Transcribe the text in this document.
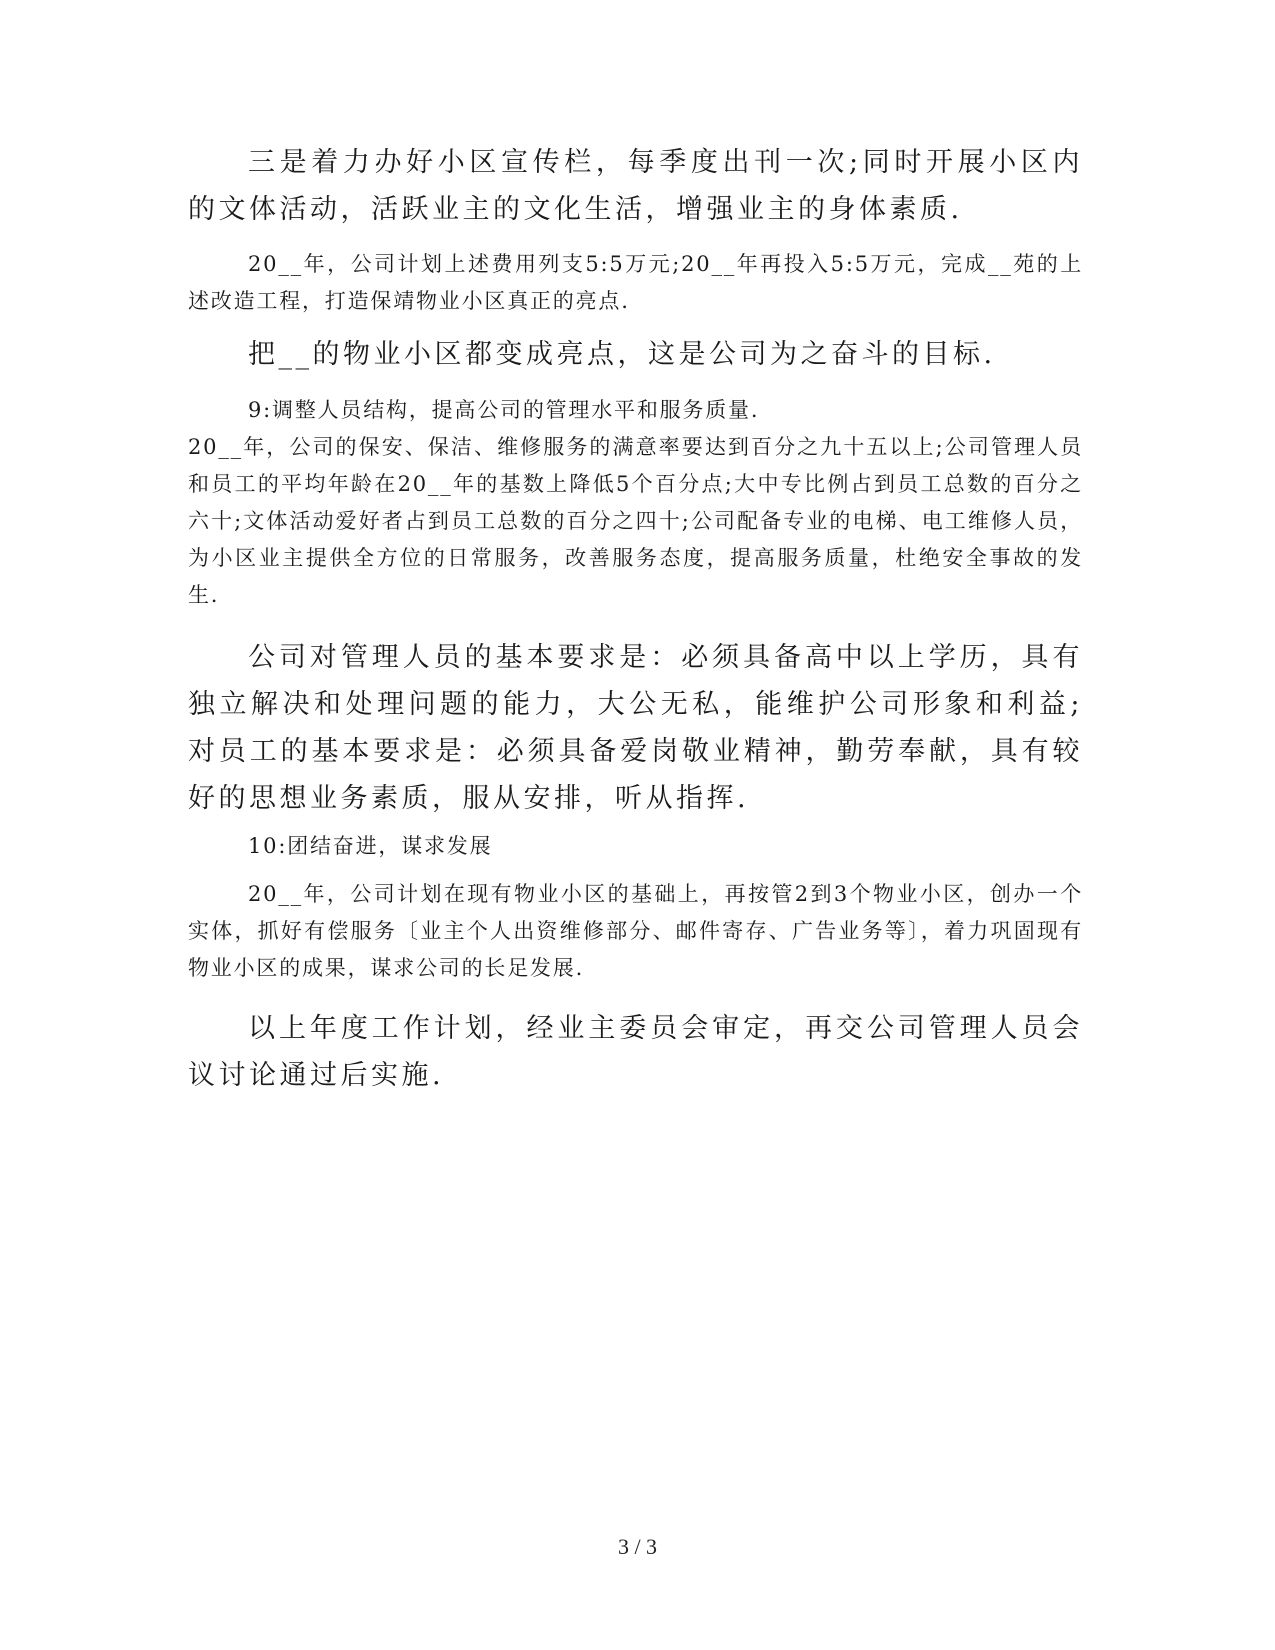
三是着力办好小区宣传栏，每季度出刊一次;同时开展小区内的文体活动，活跃业主的文化生活，增强业主的身体素质.

20__年，公司计划上述费用列支5:5万元;20__年再投入5:5万元，完成__苑的上述改造工程，打造保靖物业小区真正的亮点.

把__的物业小区都变成亮点，这是公司为之奋斗的目标.

9:调整人员结构，提高公司的管理水平和服务质量.

20__年，公司的保安、保洁、维修服务的满意率要达到百分之九十五以上;公司管理人员和员工的平均年龄在20__年的基数上降低5个百分点;大中专比例占到员工总数的百分之六十;文体活动爱好者占到员工总数的百分之四十;公司配备专业的电梯、电工维修人员，为小区业主提供全方位的日常服务，改善服务态度，提高服务质量，杜绝安全事故的发生.

公司对管理人员的基本要求是：必须具备高中以上学历，具有独立解决和处理问题的能力，大公无私，能维护公司形象和利益;对员工的基本要求是：必须具备爱岗敬业精神，勤劳奉献，具有较好的思想业务素质，服从安排，听从指挥.

10:团结奋进，谋求发展

20__年，公司计划在现有物业小区的基础上，再按管2到3个物业小区，创办一个实体，抓好有偿服务〔业主个人出资维修部分、邮件寄存、广告业务等〕，着力巩固现有物业小区的成果，谋求公司的长足发展.

以上年度工作计划，经业主委员会审定，再交公司管理人员会议讨论通过后实施.

3 / 3
